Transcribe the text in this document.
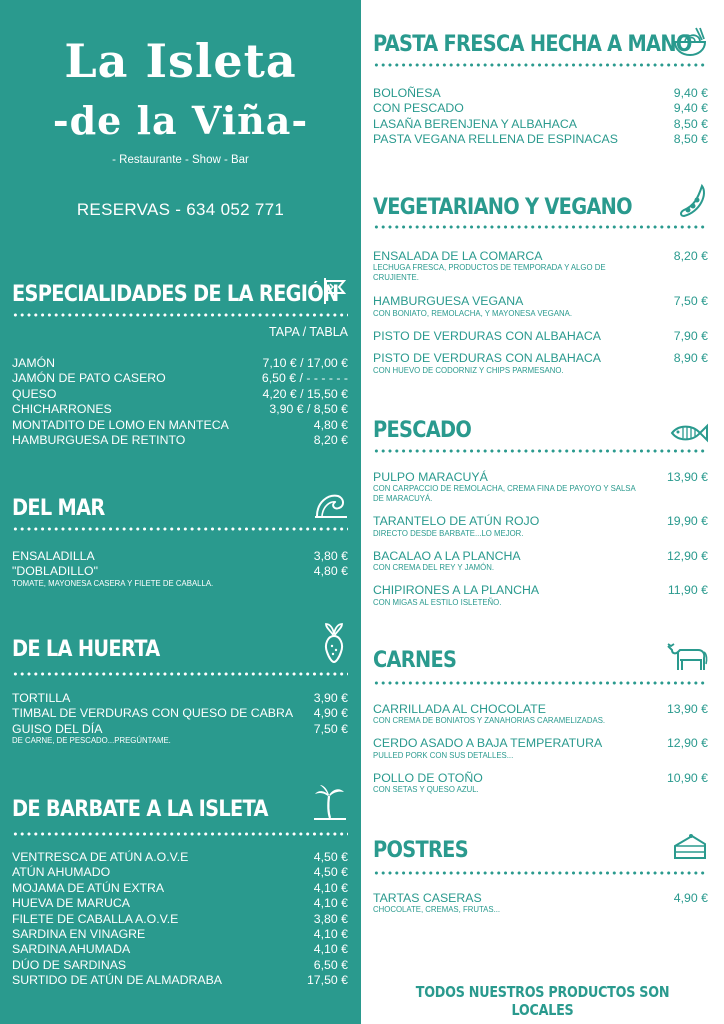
La Isleta
-de la Viña-
- Restaurante - Show - Bar
RESERVAS - 634 052 771
ESPECIALIDADES DE LA REGIÓN
TAPA / TABLA
JAMÓN	7,10 € / 17,00 €
JAMÓN DE PATO CASERO	6,50 € / - - - - - -
QUESO	4,20 € / 15,50 €
CHICHARRONES	3,90 € / 8,50 €
MONTADITO DE LOMO EN MANTECA	4,80 €
HAMBURGUESA DE RETINTO	8,20 €
DEL MAR
ENSALADILLA	3,80 €
"DOBLADILLO"	4,80 €
TOMATE, MAYONESA CASERA Y FILETE DE CABALLA.
DE LA HUERTA
TORTILLA	3,90 €
TIMBAL DE VERDURAS CON QUESO DE CABRA 4,90 €
GUISO DEL DÍA	7,50 €
DE CARNE, DE PESCADO...PREGÚNTAME.
DE BARBATE A LA ISLETA
VENTRESCA DE ATÚN A.O.V.E	4,50 €
ATÚN AHUMADO	4,50 €
MOJAMA DE ATÚN EXTRA	4,10 €
HUEVA DE MARUCA	4,10 €
FILETE DE CABALLA A.O.V.E	3,80 €
SARDINA EN VINAGRE	4,10 €
SARDINA AHUMADA	4,10 €
DÚO DE SARDINAS	6,50 €
SURTIDO DE ATÚN DE ALMADRABA	17,50 €
PASTA FRESCA HECHA A MANO
BOLOÑESA	9,40 €
CON PESCADO	9,40 €
LASAÑA BERENJENA Y ALBAHACA	8,50 €
PASTA VEGANA RELLENA DE ESPINACAS	8,50 €
VEGETARIANO Y VEGANO
ENSALADA DE LA COMARCA	8,20 €
LECHUGA FRESCA, PRODUCTOS DE TEMPORADA Y ALGO DE CRUJIENTE.
HAMBURGUESA VEGANA	7,50 €
CON BONIATO, REMOLACHA, Y MAYONESA VEGANA.
PISTO DE VERDURAS CON ALBAHACA	7,90 €
PISTO DE VERDURAS CON ALBAHACA	8,90 €
CON HUEVO DE CODORNIZ Y CHIPS PARMESANO.
PESCADO
PULPO MARACUYÁ	13,90 €
CON CARPACCIO DE REMOLACHA, CREMA FINA DE PAYOYO Y SALSA DE MARACUYÁ.
TARANTELO DE ATÚN ROJO	19,90 €
DIRECTO DESDE BARBATE...LO MEJOR.
BACALAO A LA PLANCHA	12,90 €
CON CREMA DEL REY Y JAMÓN.
CHIPIRONES A LA PLANCHA	11,90 €
CON MIGAS AL ESTILO ISLETEÑO.
CARNES
CARRILLADA AL CHOCOLATE	13,90 €
CON CREMA DE BONIATOS Y ZANAHORIAS CARAMELIZADAS.
CERDO ASADO A BAJA TEMPERATURA	12,90 €
PULLED PORK CON SUS DETALLES...
POLLO DE OTOÑO	10,90 €
CON SETAS Y QUESO AZUL.
POSTRES
TARTAS CASERAS	4,90 €
CHOCOLATE, CREMAS, FRUTAS...
TODOS NUESTROS PRODUCTOS SON LOCALES
